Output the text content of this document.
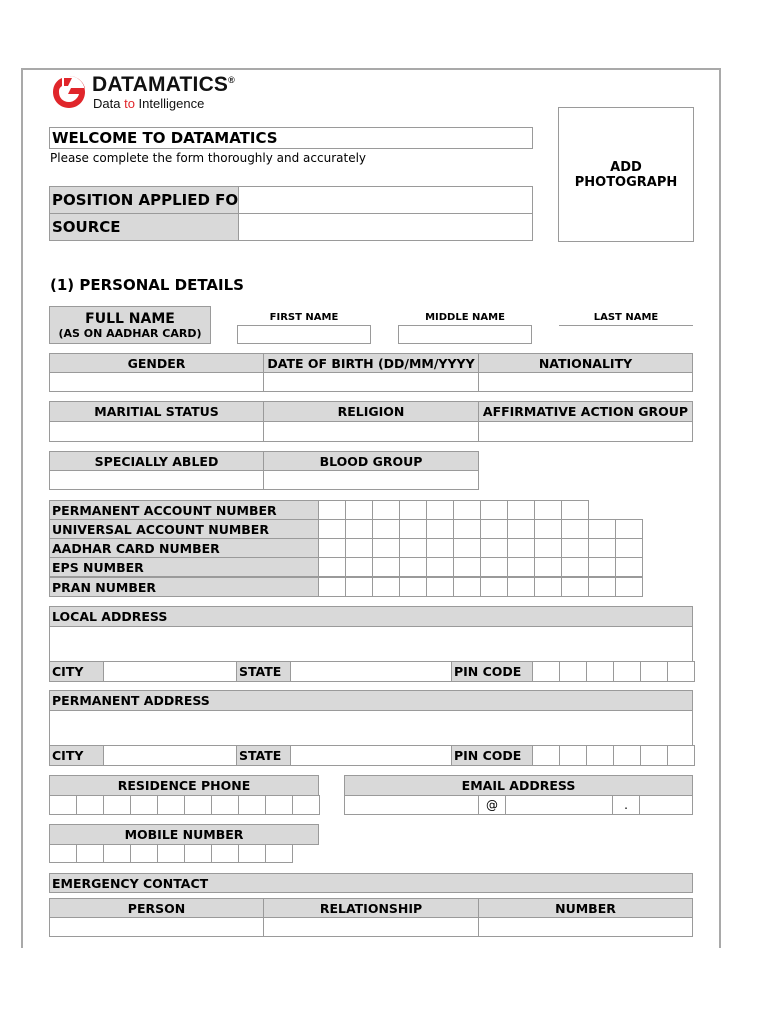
DATAMATICS®
Data to Intelligence
WELCOME TO DATAMATICS
Please complete the form thoroughly and accurately
ADD
PHOTOGRAPH
POSITION APPLIED FO
SOURCE
(1) PERSONAL DETAILS
FULL NAME
(AS ON AADHAR CARD)
FIRST NAME	MIDDLE NAME	LAST NAME
GENDER	DATE OF BIRTH (DD/MM/YYYY	NATIONALITY
MARITIAL STATUS	RELIGION	AFFIRMATIVE ACTION GROUP
SPECIALLY ABLED	BLOOD GROUP
PERMANENT ACCOUNT NUMBER
UNIVERSAL ACCOUNT NUMBER
AADHAR CARD NUMBER
EPS NUMBER
PRAN NUMBER
LOCAL ADDRESS
CITY	STATE	PIN CODE
PERMANENT ADDRESS
CITY	STATE	PIN CODE
RESIDENCE PHONE	EMAIL ADDRESS
@	.
MOBILE NUMBER
EMERGENCY CONTACT
PERSON	RELATIONSHIP	NUMBER
